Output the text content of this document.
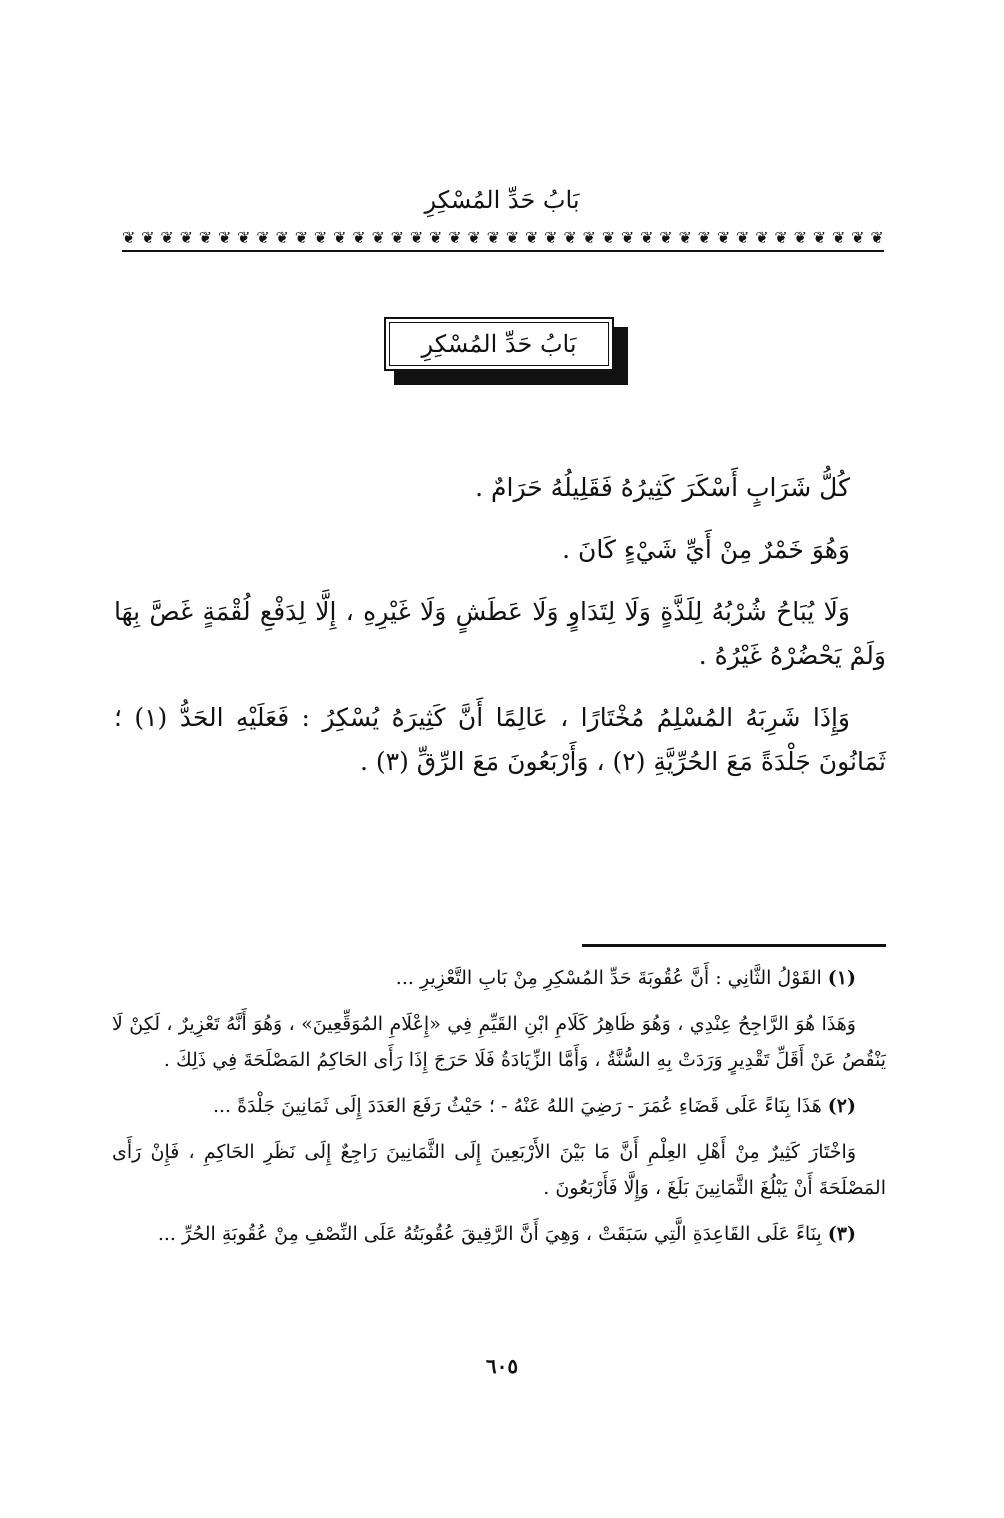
بَابُ حَدِّ المُسْكِرِ
❦ ❦ ❦ ❦ ❦ ❦ ❦ ❦ ❦ ❦ ❦ ❦ ❦ ❦ ❦ ❦ ❦ ❦ ❦ ❦ ❦ ❦ ❦ ❦ ❦ ❦ ❦ ❦ ❦ ❦ ❦ ❦ ❦ ❦ ❦ ❦ ❦ ❦ ❦ ❦
بَابُ حَدِّ المُسْكِرِ

كُلُّ شَرَابٍ أَسْكَرَ كَثِيرُهُ فَقَلِيلُهُ حَرَامٌ .

وَهُوَ خَمْرٌ مِنْ أَيِّ شَيْءٍ كَانَ .

وَلَا يُبَاحُ شُرْبُهُ لِلَذَّةٍ وَلَا لِتَدَاوٍ وَلَا عَطَشٍ وَلَا غَيْرِهِ ، إِلَّا لِدَفْعِ لُقْمَةٍ غَصَّ بِهَا وَلَمْ يَحْضُرْهُ غَيْرُهُ .

وَإِذَا شَرِبَهُ المُسْلِمُ مُخْتَارًا ، عَالِمًا أَنَّ كَثِيرَهُ يُسْكِرُ : فَعَلَيْهِ الحَدُّ (١) ؛ ثَمَانُونَ جَلْدَةً مَعَ الحُرِّيَّةِ (٢) ، وَأَرْبَعُونَ مَعَ الرِّقِّ (٣) .

(١) القَوْلُ الثَّانِي : أَنَّ عُقُوبَةَ حَدِّ المُسْكِرِ مِنْ بَابِ التَّعْزِيرِ ...

وَهَذَا هُوَ الرَّاجِحُ عِنْدِي ، وَهُوَ ظَاهِرُ كَلَامِ ابْنِ القَيِّمِ فِي «إِعْلَامِ المُوَقِّعِينَ» ، وَهُوَ أَنَّهُ تَعْزِيرٌ ، لَكِنْ لَا يَنْقُصُ عَنْ أَقَلِّ تَقْدِيرٍ وَرَدَتْ بِهِ السُّنَّةُ ، وَأَمَّا الزِّيَادَةُ فَلَا حَرَجَ إِذَا رَأَى الحَاكِمُ المَصْلَحَةَ فِي ذَلِكَ .

(٢) هَذَا بِنَاءً عَلَى قَضَاءِ عُمَرَ - رَضِيَ اللهُ عَنْهُ - ؛ حَيْثُ رَفَعَ العَدَدَ إِلَى ثَمَانِينَ جَلْدَةً ...

وَاخْتَارَ كَثِيرٌ مِنْ أَهْلِ العِلْمِ أَنَّ مَا بَيْنَ الأَرْبَعِينَ إِلَى الثَّمَانِينَ رَاجِعٌ إِلَى نَظَرِ الحَاكِمِ ، فَإِنْ رَأَى المَصْلَحَةَ أَنْ يَبْلُغَ الثَّمَانِينَ بَلَغَ ، وَإِلَّا فَأَرْبَعُونَ .

(٣) بِنَاءً عَلَى القَاعِدَةِ الَّتِي سَبَقَتْ ، وَهِيَ أَنَّ الرَّقِيقَ عُقُوبَتُهُ عَلَى النِّصْفِ مِنْ عُقُوبَةِ الحُرِّ ...

٦٠٥
